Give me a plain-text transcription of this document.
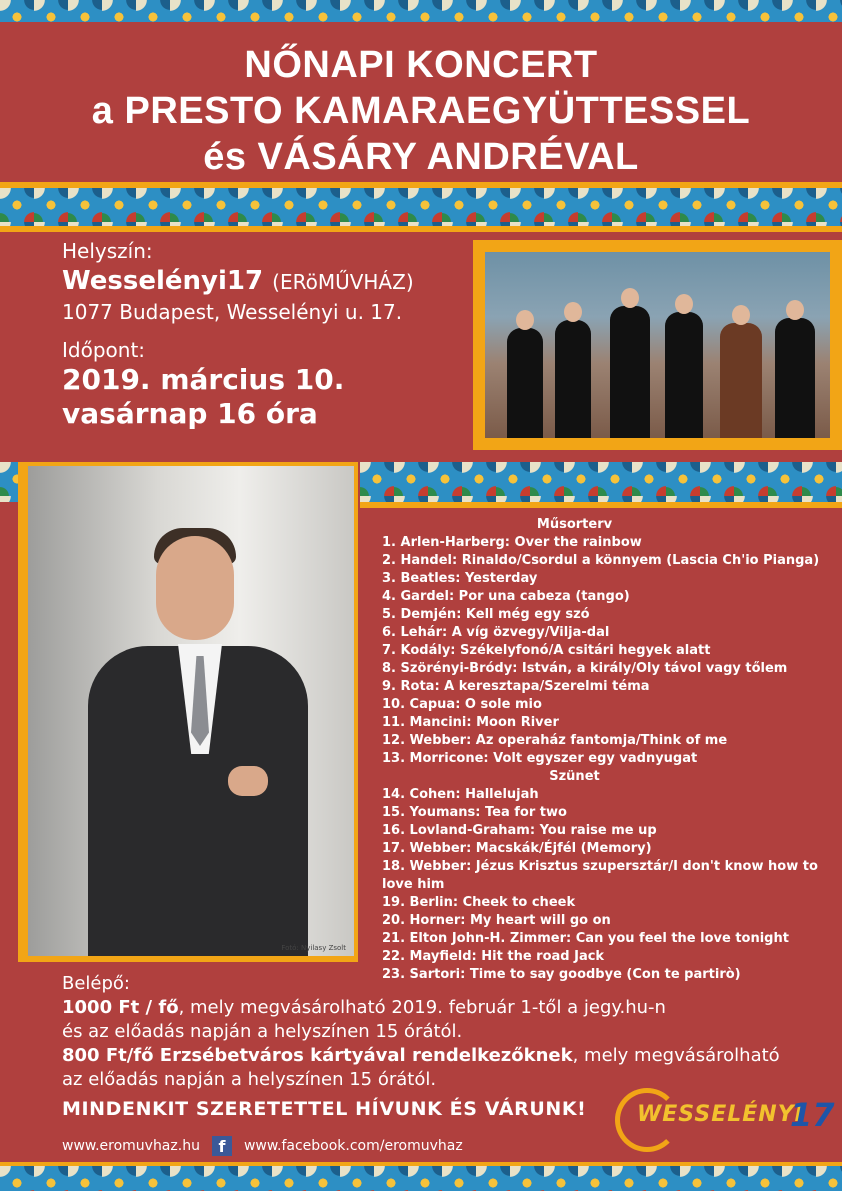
NŐNAPI KONCERT
a PRESTO KAMARAEGYÜTTESSEL
és VÁSÁRY ANDRÉVAL
Helyszín:
Wesselényi17 (ERöMŰVHÁZ)
1077 Budapest, Wesselényi u. 17.
Időpont:
2019. március 10.
vasárnap 16 óra
Fotó: Nyilasy Zsolt
Műsorterv
1. Arlen-Harberg: Over the rainbow
2. Handel: Rinaldo/Csordul a könnyem (Lascia Ch'io Pianga)
3. Beatles: Yesterday
4. Gardel: Por una cabeza (tango)
5. Demjén: Kell még egy szó
6. Lehár: A víg özvegy/Vilja-dal
7. Kodály: Székelyfonó/A csitári hegyek alatt
8. Szörényi-Bródy: István, a király/Oly távol vagy tőlem
9. Rota: A keresztapa/Szerelmi téma
10. Capua: O sole mio
11. Mancini: Moon River
12. Webber: Az operaház fantomja/Think of me
13. Morricone: Volt egyszer egy vadnyugat
Szünet
14. Cohen: Hallelujah
15. Youmans: Tea for two
16. Lovland-Graham: You raise me up
17. Webber: Macskák/Éjfél (Memory)
18. Webber: Jézus Krisztus szupersztár/I don't know how to love him
19. Berlin: Cheek to cheek
20. Horner: My heart will go on
21. Elton John-H. Zimmer: Can you feel the love tonight
22. Mayfield: Hit the road Jack
23. Sartori: Time to say goodbye (Con te partirò)
Belépő:
1000 Ft / fő, mely megvásárolható 2019. február 1-től a jegy.hu-n
és az előadás napján a helyszínen 15 órától.
800 Ft/fő Erzsébetváros kártyával rendelkezőknek, mely megvásárolható
az előadás napján a helyszínen 15 órától.
MINDENKIT SZERETETTEL HÍVUNK ÉS VÁRUNK! WESSELÉNYI
17
www.eromuvhaz.hu	f	www.facebook.com/eromuvhaz
